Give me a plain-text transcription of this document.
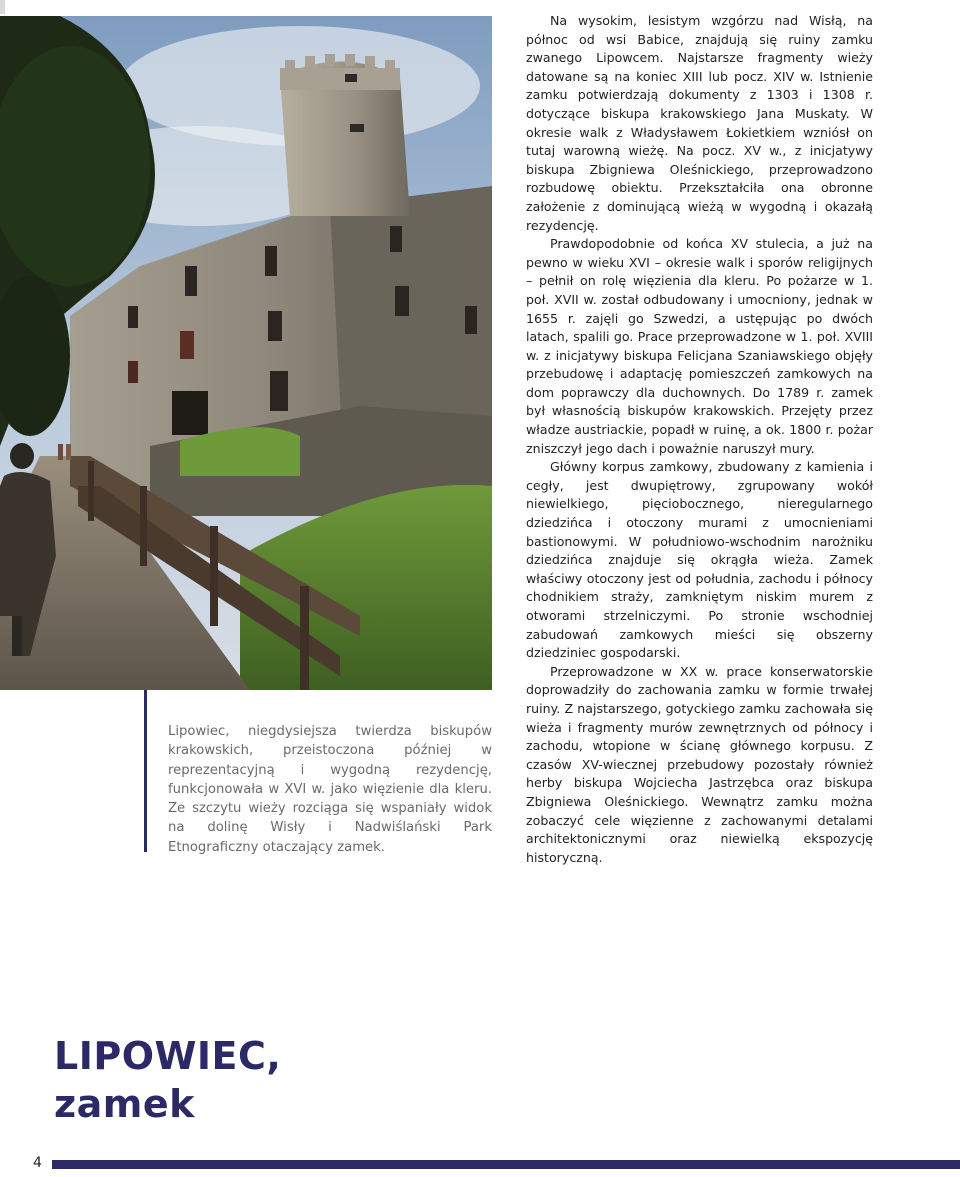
Lipowiec, niegdysiejsza twierdza biskupów krakowskich, przeistoczona później w reprezentacyjną i wygodną rezydencję, funkcjonowała w XVI w. jako więzienie dla kleru. Ze szczytu wieży rozciąga się wspaniały widok na dolinę Wisły i Nadwiślański Park Etnograficzny otaczający zamek.

Na wysokim, lesistym wzgórzu nad Wisłą, na północ od wsi Babice, znajdują się ruiny zamku zwanego Lipowcem. Najstarsze fragmenty wieży datowane są na koniec XIII lub pocz. XIV w. Istnienie zamku potwierdzają dokumenty z 1303 i 1308 r. dotyczące biskupa krakowskiego Jana Muskaty. W okresie walk z Władysławem Łokietkiem wzniósł on tutaj warowną wieżę. Na pocz. XV w., z inicjatywy biskupa Zbigniewa Oleśnickiego, przeprowadzono rozbudowę obiektu. Przekształciła ona obronne założenie z dominującą wieżą w wygodną i okazałą rezydencję.

Prawdopodobnie od końca XV stulecia, a już na pewno w wieku XVI – okresie walk i sporów religijnych – pełnił on rolę więzienia dla kleru. Po pożarze w 1. poł. XVII w. został odbudowany i umocniony, jednak w 1655 r. zajęli go Szwedzi, a ustępując po dwóch latach, spalili go. Prace przeprowadzone w 1. poł. XVIII w. z inicjatywy biskupa Felicjana Szaniawskiego objęły przebudowę i adaptację pomieszczeń zamkowych na dom poprawczy dla duchownych. Do 1789 r. zamek był własnością biskupów krakowskich. Przejęty przez władze austriackie, popadł w ruinę, a ok. 1800 r. pożar zniszczył jego dach i poważnie naruszył mury.

Główny korpus zamkowy, zbudowany z kamienia i cegły, jest dwupiętrowy, zgrupowany wokół niewielkiego, pięciobocznego, nieregularnego dziedzińca i otoczony murami z umocnieniami bastionowymi. W południowo-wschodnim narożniku dziedzińca znajduje się okrągła wieża. Zamek właściwy otoczony jest od południa, zachodu i północy chodnikiem straży, zamkniętym niskim murem z otworami strzelniczymi. Po stronie wschodniej zabudowań zamkowych mieści się obszerny dziedziniec gospodarski.

Przeprowadzone w XX w. prace konserwatorskie doprowadziły do zachowania zamku w formie trwałej ruiny. Z najstarszego, gotyckiego zamku zachowała się wieża i fragmenty murów zewnętrznych od północy i zachodu, wtopione w ścianę głównego korpusu. Z czasów XV-wiecznej przebudowy pozostały również herby biskupa Wojciecha Jastrzębca oraz biskupa Zbigniewa Oleśnickiego. Wewnątrz zamku można zobaczyć cele więzienne z zachowanymi detalami architektonicznymi oraz niewielką ekspozycję historyczną.

LIPOWIEC,
zamek
4
